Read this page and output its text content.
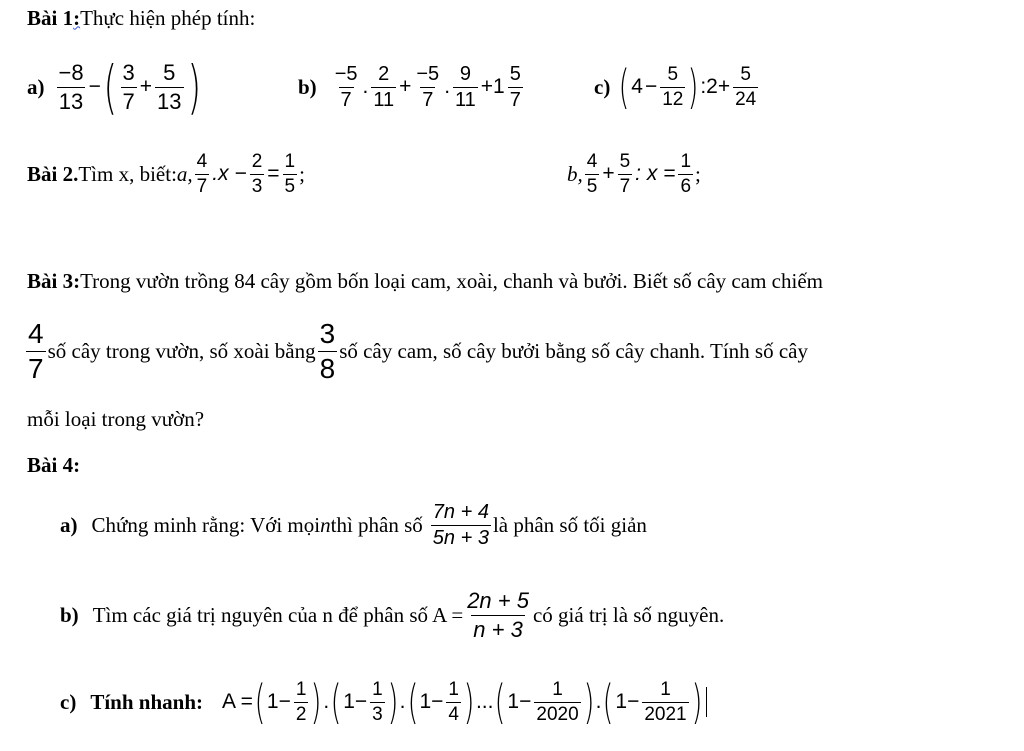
Bài 1 : Thực hiện phép tính:
$a) \frac{-8}{13}$ − ( $\frac{3}{7} + \frac{5}{13}$ )	$b) \frac{-5}{7}$ . $\frac{2}{11} + \frac{-5}{7}$ . $\frac{9}{11} +1 \frac{5}{7}$	c) ( $4 - \frac{5}{12}$ ) :2+ $\frac{5}{24}$
Bài 2. Tìm x, biết: a, $\frac{4}{7} .x - \frac{2}{3} = \frac{1}{5}$ ;	b, $\frac{4}{5} + \frac{5}{7}$ : $x = \frac{1}{6}$ ;
Bài 3: Trong vườn trồng 84 cây gồm bốn loại cam, xoài, chanh và bưởi. Biết số cây cam chiếm
$\frac{4}{7}$ số cây trong vườn, số xoài bằng $\frac{3}{8}$ số cây cam, số cây bưởi bằng số cây chanh. Tính số cây
mỗi loại trong vườn?
Bài 4:
a) Chứng minh rằng: Với mọi n thì phân số $\frac{7n + 4}{5n + 3}$ là phân số tối giản
b) Tìm các giá trị nguyên của n để phân số $A = \frac{2n + 5}{n + 3}$ có giá trị là số nguyên.
c) Tính nhanh: A = ( $1- \frac{1}{2}$ ) . ( $1- \frac{1}{3}$ ) . ( $1- \frac{1}{4}$ ) ... ( $1- \frac{1}{2020}$ ) . ( $1- \frac{1}{2021}$ )
